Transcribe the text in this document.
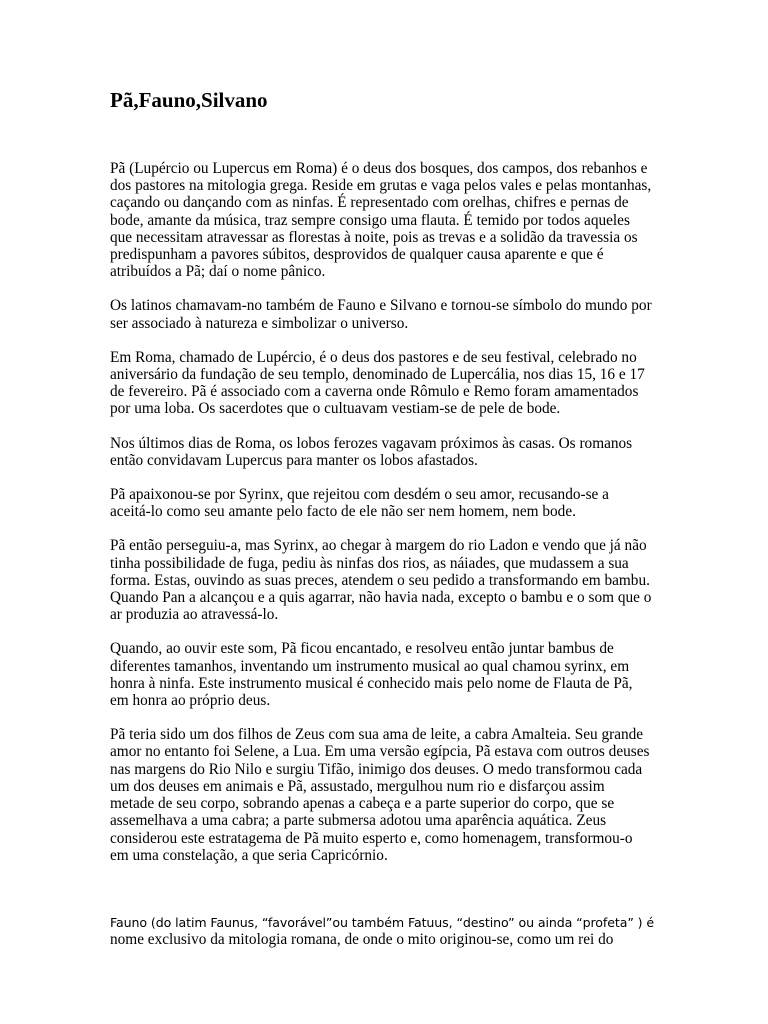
Pã,Fauno,Silvano

Pã (Lupércio ou Lupercus em Roma) é o deus dos bosques, dos campos, dos rebanhos e
dos pastores na mitologia grega. Reside em grutas e vaga pelos vales e pelas montanhas,
caçando ou dançando com as ninfas. É representado com orelhas, chifres e pernas de
bode, amante da música, traz sempre consigo uma flauta. É temido por todos aqueles
que necessitam atravessar as florestas à noite, pois as trevas e a solidão da travessia os
predispunham a pavores súbitos, desprovidos de qualquer causa aparente e que é
atribuídos a Pã; daí o nome pânico.

Os latinos chamavam-no também de Fauno e Silvano e tornou-se símbolo do mundo por
ser associado à natureza e simbolizar o universo.

Em Roma, chamado de Lupércio, é o deus dos pastores e de seu festival, celebrado no
aniversário da fundação de seu templo, denominado de Lupercália, nos dias 15, 16 e 17
de fevereiro. Pã é associado com a caverna onde Rômulo e Remo foram amamentados
por uma loba. Os sacerdotes que o cultuavam vestiam-se de pele de bode.

Nos últimos dias de Roma, os lobos ferozes vagavam próximos às casas. Os romanos
então convidavam Lupercus para manter os lobos afastados.

Pã apaixonou-se por Syrinx, que rejeitou com desdém o seu amor, recusando-se a
aceitá-lo como seu amante pelo facto de ele não ser nem homem, nem bode.

Pã então perseguiu-a, mas Syrinx, ao chegar à margem do rio Ladon e vendo que já não
tinha possibilidade de fuga, pediu às ninfas dos rios, as náiades, que mudassem a sua
forma. Estas, ouvindo as suas preces, atendem o seu pedido a transformando em bambu.
Quando Pan a alcançou e a quis agarrar, não havia nada, excepto o bambu e o som que o
ar produzia ao atravessá-lo.

Quando, ao ouvir este som, Pã ficou encantado, e resolveu então juntar bambus de
diferentes tamanhos, inventando um instrumento musical ao qual chamou syrinx, em
honra à ninfa. Este instrumento musical é conhecido mais pelo nome de Flauta de Pã,
em honra ao próprio deus.

Pã teria sido um dos filhos de Zeus com sua ama de leite, a cabra Amalteia. Seu grande
amor no entanto foi Selene, a Lua. Em uma versão egípcia, Pã estava com outros deuses
nas margens do Rio Nilo e surgiu Tifão, inimigo dos deuses. O medo transformou cada
um dos deuses em animais e Pã, assustado, mergulhou num rio e disfarçou assim
metade de seu corpo, sobrando apenas a cabeça e a parte superior do corpo, que se
assemelhava a uma cabra; a parte submersa adotou uma aparência aquática. Zeus
considerou este estratagema de Pã muito esperto e, como homenagem, transformou-o
em uma constelação, a que seria Capricórnio.

Fauno (do latim Faunus, “favorável”ou também Fatuus, “destino” ou ainda “profeta” ) é
nome exclusivo da mitologia romana, de onde o mito originou-se, como um rei do
